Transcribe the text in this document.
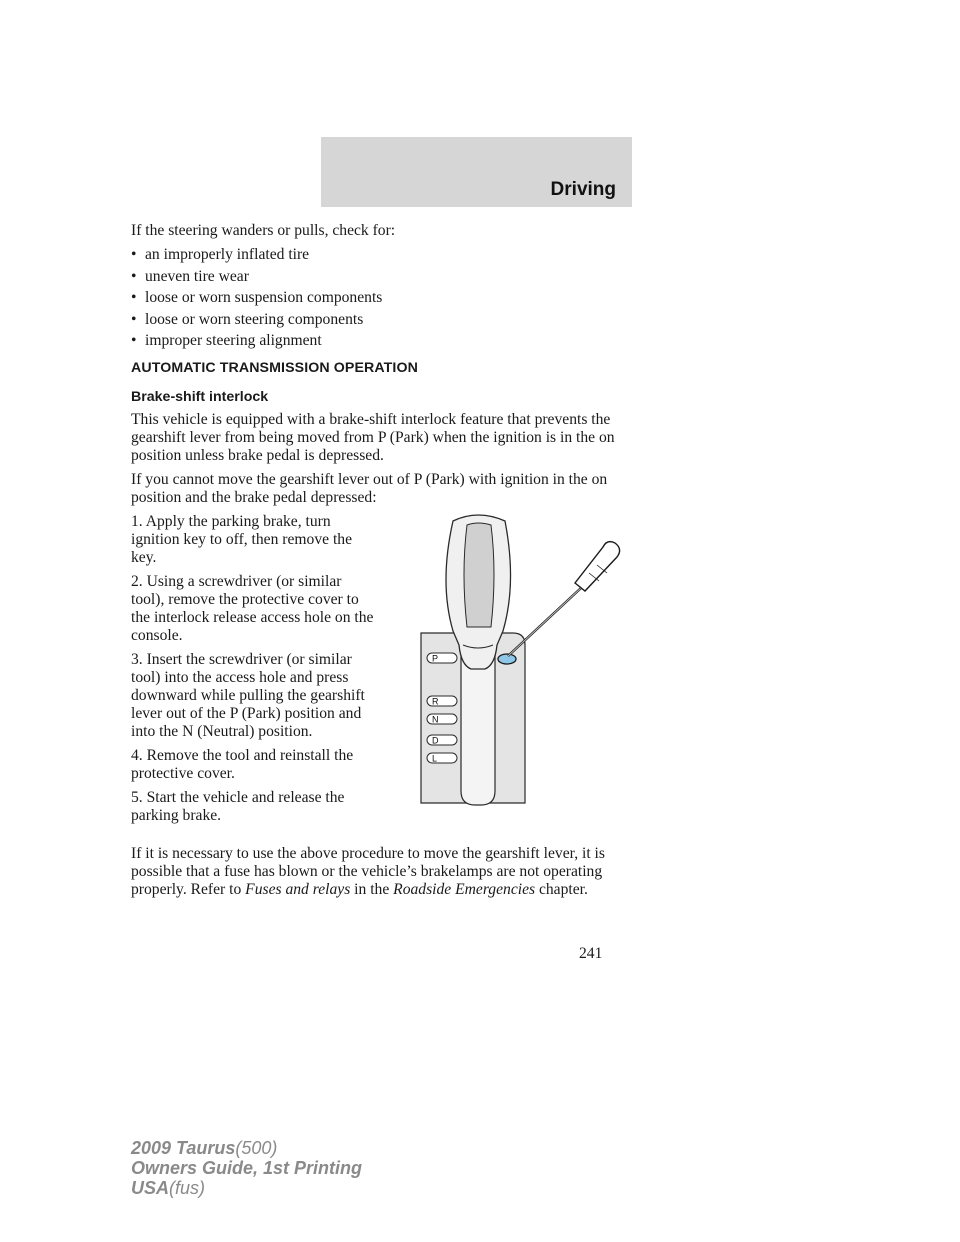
Driving

If the steering wanders or pulls, check for:

• an improperly inflated tire
• uneven tire wear
• loose or worn suspension components
• loose or worn steering components
• improper steering alignment
AUTOMATIC TRANSMISSION OPERATION
Brake-shift interlock

This vehicle is equipped with a brake-shift interlock feature that prevents the gearshift lever from being moved from P (Park) when the ignition is in the on position unless brake pedal is depressed.

If you cannot move the gearshift lever out of P (Park) with ignition in the on position and the brake pedal depressed:

1. Apply the parking brake, turn ignition key to off, then remove the key.

2. Using a screwdriver (or similar tool), remove the protective cover to the interlock release access hole on the console.

3. Insert the screwdriver (or similar tool) into the access hole and press downward while pulling the gearshift lever out of the P (Park) position and into the N (Neutral) position.

4. Remove the tool and reinstall the protective cover.

5. Start the vehicle and release the parking brake.

P
R
N
D
L

If it is necessary to use the above procedure to move the gearshift lever, it is possible that a fuse has blown or the vehicle’s brakelamps are not operating properly. Refer to Fuses and relays in the Roadside Emergencies chapter.

241
2009 Taurus(500)
Owners Guide, 1st Printing
USA(fus)
